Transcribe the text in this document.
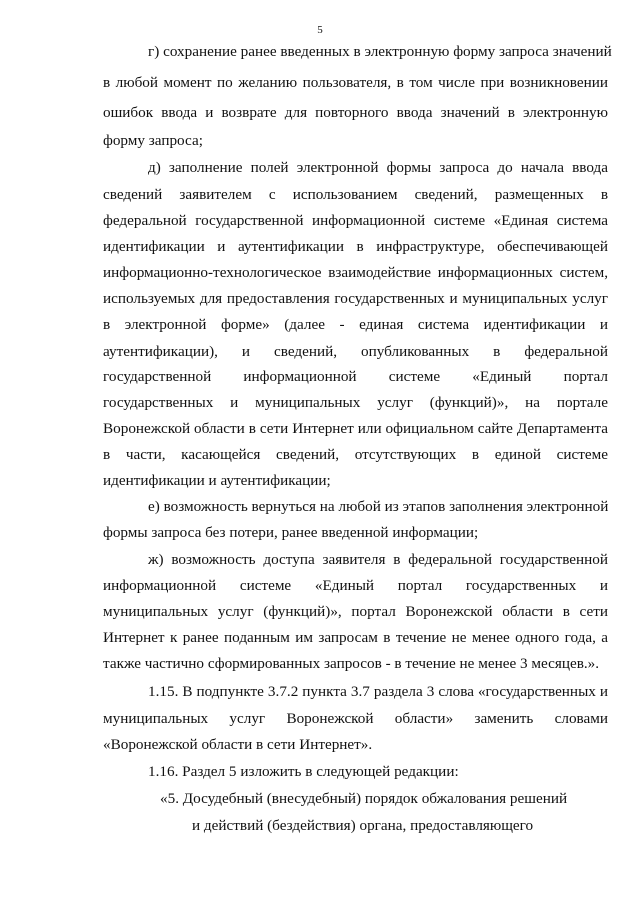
5
г) сохранение ранее введенных в электронную форму запроса значений
в любой момент по желанию пользователя, в том числе при возникновении
ошибок ввода и возврате для повторного ввода значений в электронную
форму запроса;
д) заполнение полей электронной формы запроса до начала ввода
сведений заявителем с использованием сведений, размещенных в
федеральной государственной информационной системе «Единая система
идентификации и аутентификации в инфраструктуре, обеспечивающей
информационно-технологическое взаимодействие информационных систем,
используемых для предоставления государственных и муниципальных услуг
в электронной форме» (далее - единая система идентификации и
аутентификации), и сведений, опубликованных в федеральной
государственной информационной системе «Единый портал
государственных и муниципальных услуг (функций)», на портале
Воронежской области в сети Интернет или официальном сайте Департамента
в части, касающейся сведений, отсутствующих в единой системе
идентификации и аутентификации;
е) возможность вернуться на любой из этапов заполнения электронной
формы запроса без потери, ранее введенной информации;
ж) возможность доступа заявителя в федеральной государственной
информационной системе «Единый портал государственных и
муниципальных услуг (функций)», портал Воронежской области в сети
Интернет к ранее поданным им запросам в течение не менее одного года, а
также частично сформированных запросов - в течение не менее 3 месяцев.».
1.15. В подпункте 3.7.2 пункта 3.7 раздела 3 слова «государственных и
муниципальных услуг Воронежской области» заменить словами
«Воронежской области в сети Интернет».
1.16. Раздел 5 изложить в следующей редакции:
«5. Досудебный (внесудебный) порядок обжалования решений
и действий (бездействия) органа, предоставляющего
